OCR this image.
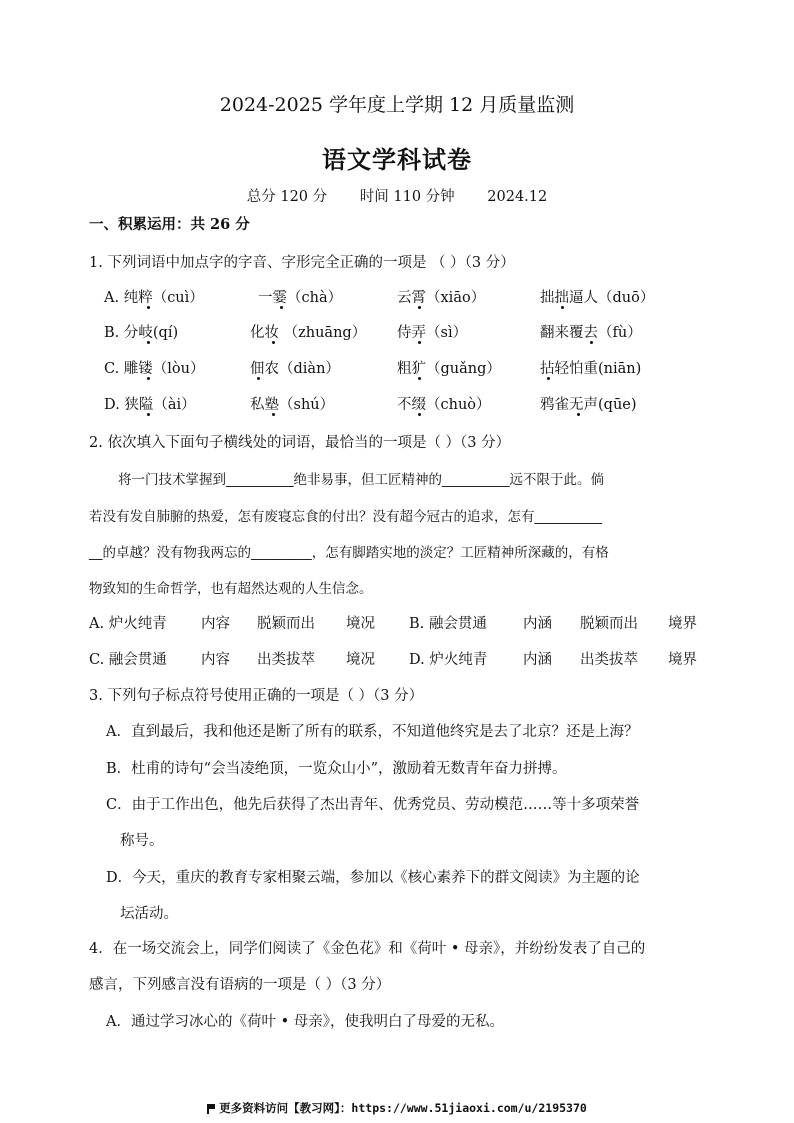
2024-2025 学年度上学期 12 月质量监测
语文学科试卷
总分 120 分 时间 110 分钟 2024.12
一、积累运用：共 26 分
1. 下列词语中加点字的字音、字形完全正确的一项是 （ ）（3 分）
A. 纯粹（cuì）	一霎（chà）	云霄（xiāo）	拙拙逼人（duō）
B. 分岐(qí)	化妆 （zhuāng） 侍弄（sì）	翻来覆去（fù）
C. 雕镂（lòu）	佃农（diàn）	粗犷（guǎng）	拈轻怕重(niān)
D. 狭隘（ài）	私塾（shú）	不缀（chuò）	鸦雀无声(qūe)
2. 依次填入下面句子横线处的词语，最恰当的一项是（ ）（3 分）
将一门技术掌握到__________绝非易事，但工匠精神的__________远不限于此。倘
若没有发自肺腑的热爱，怎有废寝忘食的付出？没有超今冠古的追求，怎有__________
__的卓越？没有物我两忘的_________，怎有脚踏实地的淡定？工匠精神所深藏的，有格
物致知的生命哲学，也有超然达观的人生信念。
A. 炉火纯青 内容 脱颖而出 境况 B. 融会贯通 内涵 脱颖而出 境界
C. 融会贯通 内容 出类拔萃 境况 D. 炉火纯青 内涵 出类拔萃 境界
3. 下列句子标点符号使用正确的一项是（ ）（3 分）
A．直到最后，我和他还是断了所有的联系，不知道他终究是去了北京？还是上海？
B．杜甫的诗句“会当凌绝顶，一览众山小”，激励着无数青年奋力拼搏。
C．由于工作出色，他先后获得了杰出青年、优秀党员、劳动模范……等十多项荣誉
称号。
D．今天，重庆的教育专家相聚云端，参加以《核心素养下的群文阅读》为主题的论
坛活动。
4．在一场交流会上，同学们阅读了《金色花》和《荷叶 • 母亲》，并纷纷发表了自己的
感言，下列感言没有语病的一项是（ ）（3 分）
A．通过学习冰心的《荷叶 • 母亲》，使我明白了母爱的无私。
更多资料访问【教习网】：https://www.51jiaoxi.com/u/2195370
